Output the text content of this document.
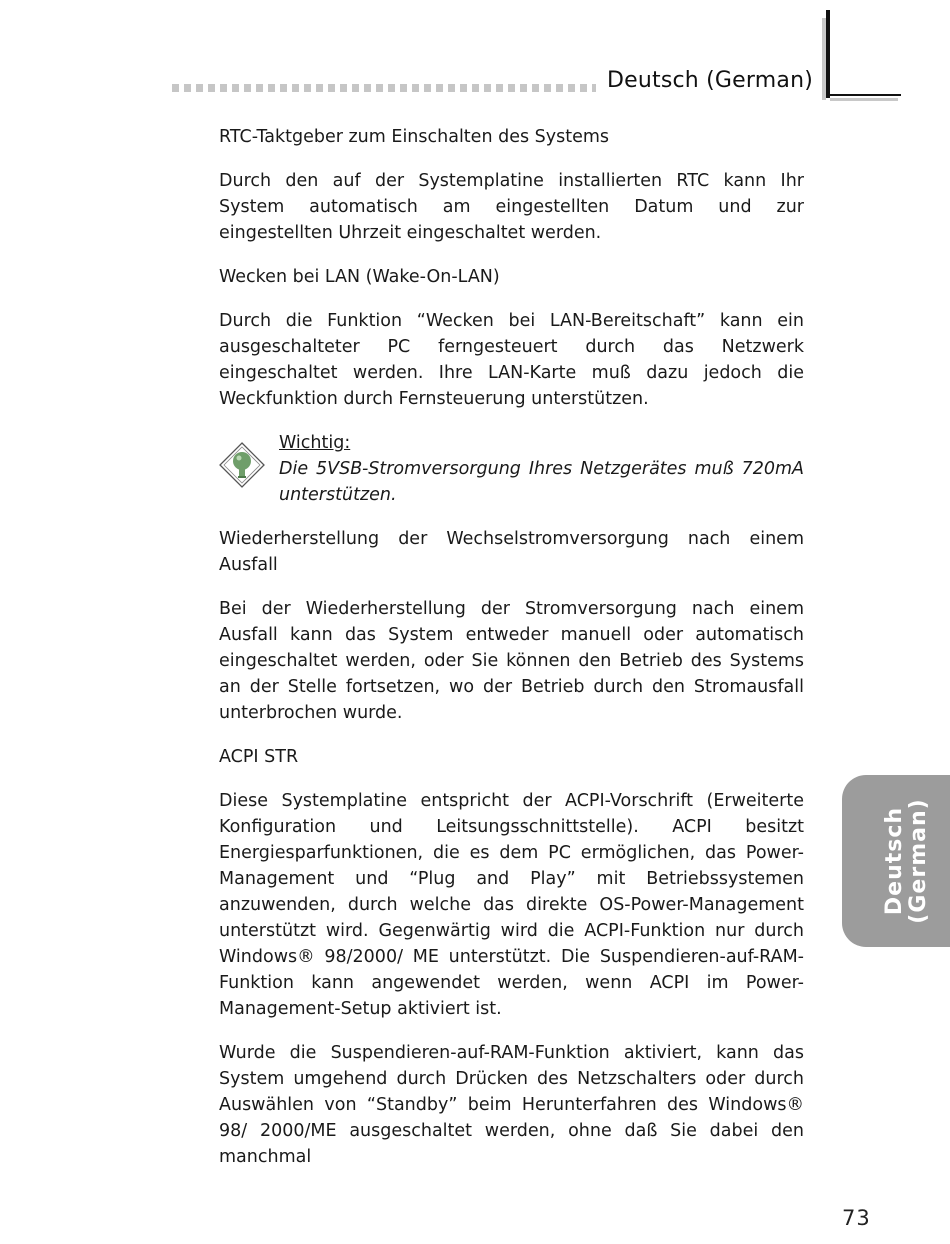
Deutsch (German)
RTC-Taktgeber zum Einschalten des Systems

Durch den auf der Systemplatine installierten RTC kann Ihr System automatisch am eingestellten Datum und zur eingestellten Uhrzeit eingeschaltet werden.

Wecken bei LAN (Wake-On-LAN)

Durch die Funktion “Wecken bei LAN-Bereitschaft” kann ein ausgeschalteter PC ferngesteuert durch das Netzwerk eingeschaltet werden. Ihre LAN-Karte muß dazu jedoch die Weckfunktion durch Fernsteuerung unterstützen.

Wichtig:
Die 5VSB-Stromversorgung Ihres Netzgerätes muß 720mA unterstützen.
Wiederherstellung der Wechselstromversorgung nach einem Ausfall

Bei der Wiederherstellung der Stromversorgung nach einem Ausfall kann das System entweder manuell oder automatisch eingeschaltet werden, oder Sie können den Betrieb des Systems an der Stelle fortsetzen, wo der Betrieb durch den Stromausfall unterbrochen wurde.

ACPI STR

Diese Systemplatine entspricht der ACPI-Vorschrift (Erweiterte Konfiguration und Leitsungsschnittstelle). ACPI besitzt Energiesparfunktionen, die es dem PC ermöglichen, das Power-Management und “Plug and Play” mit Betriebssystemen anzuwenden, durch welche das direkte OS-Power-Management unterstützt wird. Gegenwärtig wird die ACPI-Funktion nur durch Windows® 98/2000/ ME unterstützt. Die Suspendieren-auf-RAM-Funktion kann angewendet werden, wenn ACPI im Power-Management-Setup aktiviert ist.

Wurde die Suspendieren-auf-RAM-Funktion aktiviert, kann das System umgehend durch Drücken des Netzschalters oder durch Auswählen von “Standby” beim Herunterfahren des Windows® 98/ 2000/ME ausgeschaltet werden, ohne daß Sie dabei den manchmal

Deutsch (German)
73
